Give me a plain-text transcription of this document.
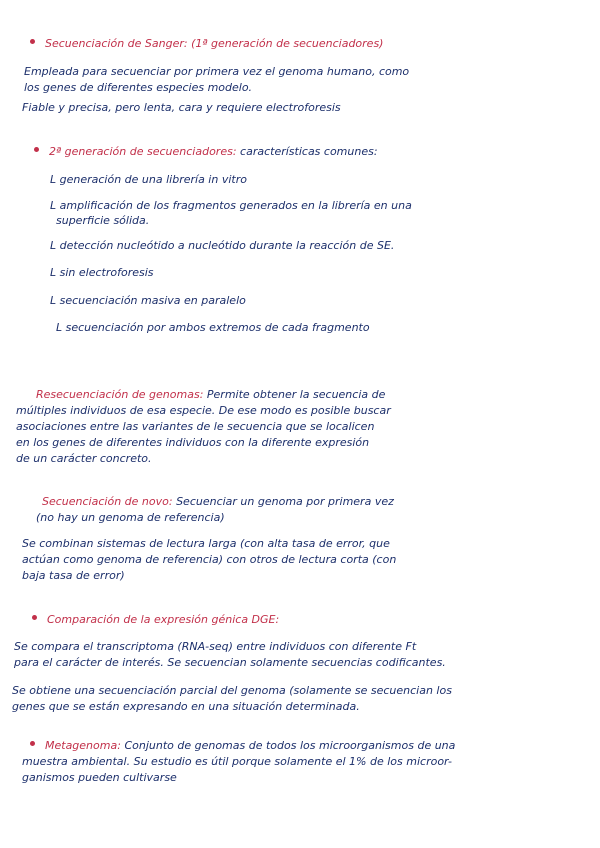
Secuenciación de Sanger: (1ª generación de secuenciadores)
Empleada para secuenciar por primera vez el genoma humano, como
los genes de diferentes especies modelo.
Fiable y precisa, pero lenta, cara y requiere electroforesis
2ª generación de secuenciadores: características comunes:
L generación de una librería in vitro
L amplificación de los fragmentos generados en la librería en una
superficie sólida.
L detección nucleótido a nucleótido durante la reacción de SE.
L sin electroforesis
L secuenciación masiva en paralelo
L secuenciación por ambos extremos de cada fragmento
Resecuenciación de genomas: Permite obtener la secuencia de
múltiples individuos de esa especie. De ese modo es posible buscar
asociaciones entre las variantes de le secuencia que se localicen
en los genes de diferentes individuos con la diferente expresión
de un carácter concreto.
Secuenciación de novo: Secuenciar un genoma por primera vez
(no hay un genoma de referencia)
Se combinan sistemas de lectura larga (con alta tasa de error, que
actúan como genoma de referencia) con otros de lectura corta (con
baja tasa de error)
Comparación de la expresión génica DGE:
Se compara el transcriptoma (RNA-seq) entre individuos con diferente Ft
para el carácter de interés. Se secuencian solamente secuencias codificantes.
Se obtiene una secuenciación parcial del genoma (solamente se secuencian los
genes que se están expresando en una situación determinada.
Metagenoma: Conjunto de genomas de todos los microorganismos de una
muestra ambiental. Su estudio es útil porque solamente el 1% de los microor-
ganismos pueden cultivarse
